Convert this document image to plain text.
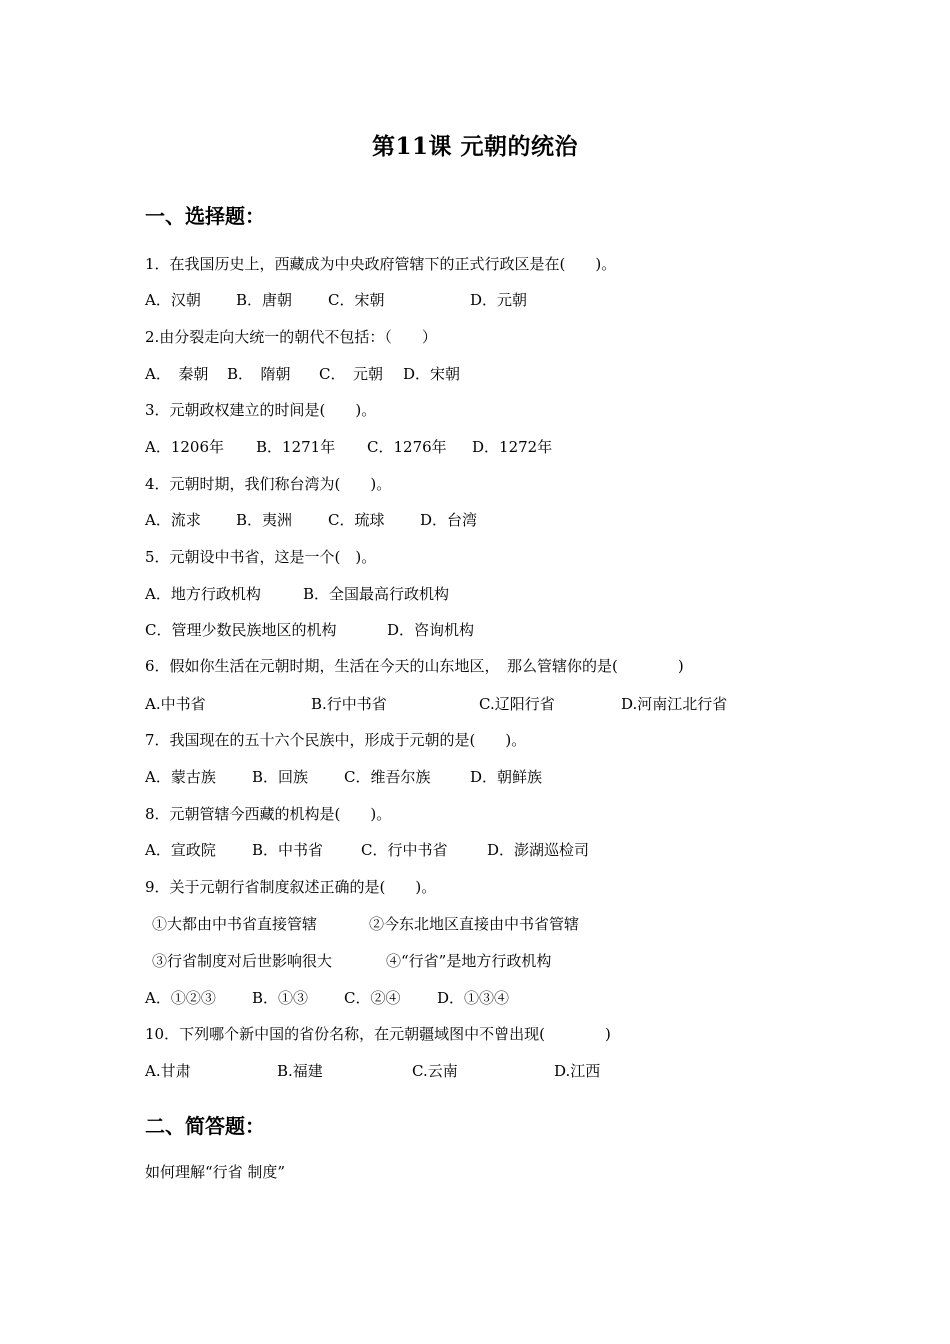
第11课 元朝的统治
一、选择题：
1．在我国历史上，西藏成为中央政府管辖下的正式行政区是在(　　)。
A．汉朝 B．唐朝 C．宋朝	D．元朝
2.由分裂走向大统一的朝代不包括：（　　）
A．　秦朝 B．　隋朝 C．　元朝 D．宋朝
3．元朝政权建立的时间是(　　)。
A．1206年 B．1271年 C．1276年 D．1272年
4．元朝时期，我们称台湾为(　　)。
A．流求 B．夷洲 C．琉球 D．台湾
5．元朝设中书省，这是一个(　)。
A．地方行政机构	B．全国最高行政机构
C．管理少数民族地区的机构	D．咨询机构
6．假如你生活在元朝时期，生活在今天的山东地区，　那么管辖你的是(　　　　)
A.中书省	B.行中书省	C.辽阳行省	D.河南江北行省
7．我国现在的五十六个民族中，形成于元朝的是(　　)。
A．蒙古族 B．回族 C．维吾尔族	D．朝鲜族
8．元朝管辖今西藏的机构是(　　)。
A．宣政院 B．中书省	C．行中书省	D．澎湖巡检司
9．关于元朝行省制度叙述正确的是(　　)。
①大都由中书省直接管辖	②今东北地区直接由中书省管辖
③行省制度对后世影响很大	④“行省”是地方行政机构
A．①②③ B．①③ C．②④ D．①③④
10．下列哪个新中国的省份名称，在元朝疆域图中不曾出现(　　　　)
A.甘肃	B.福建	C.云南	D.江西
二、简答题：
如何理解“行省 制度”
